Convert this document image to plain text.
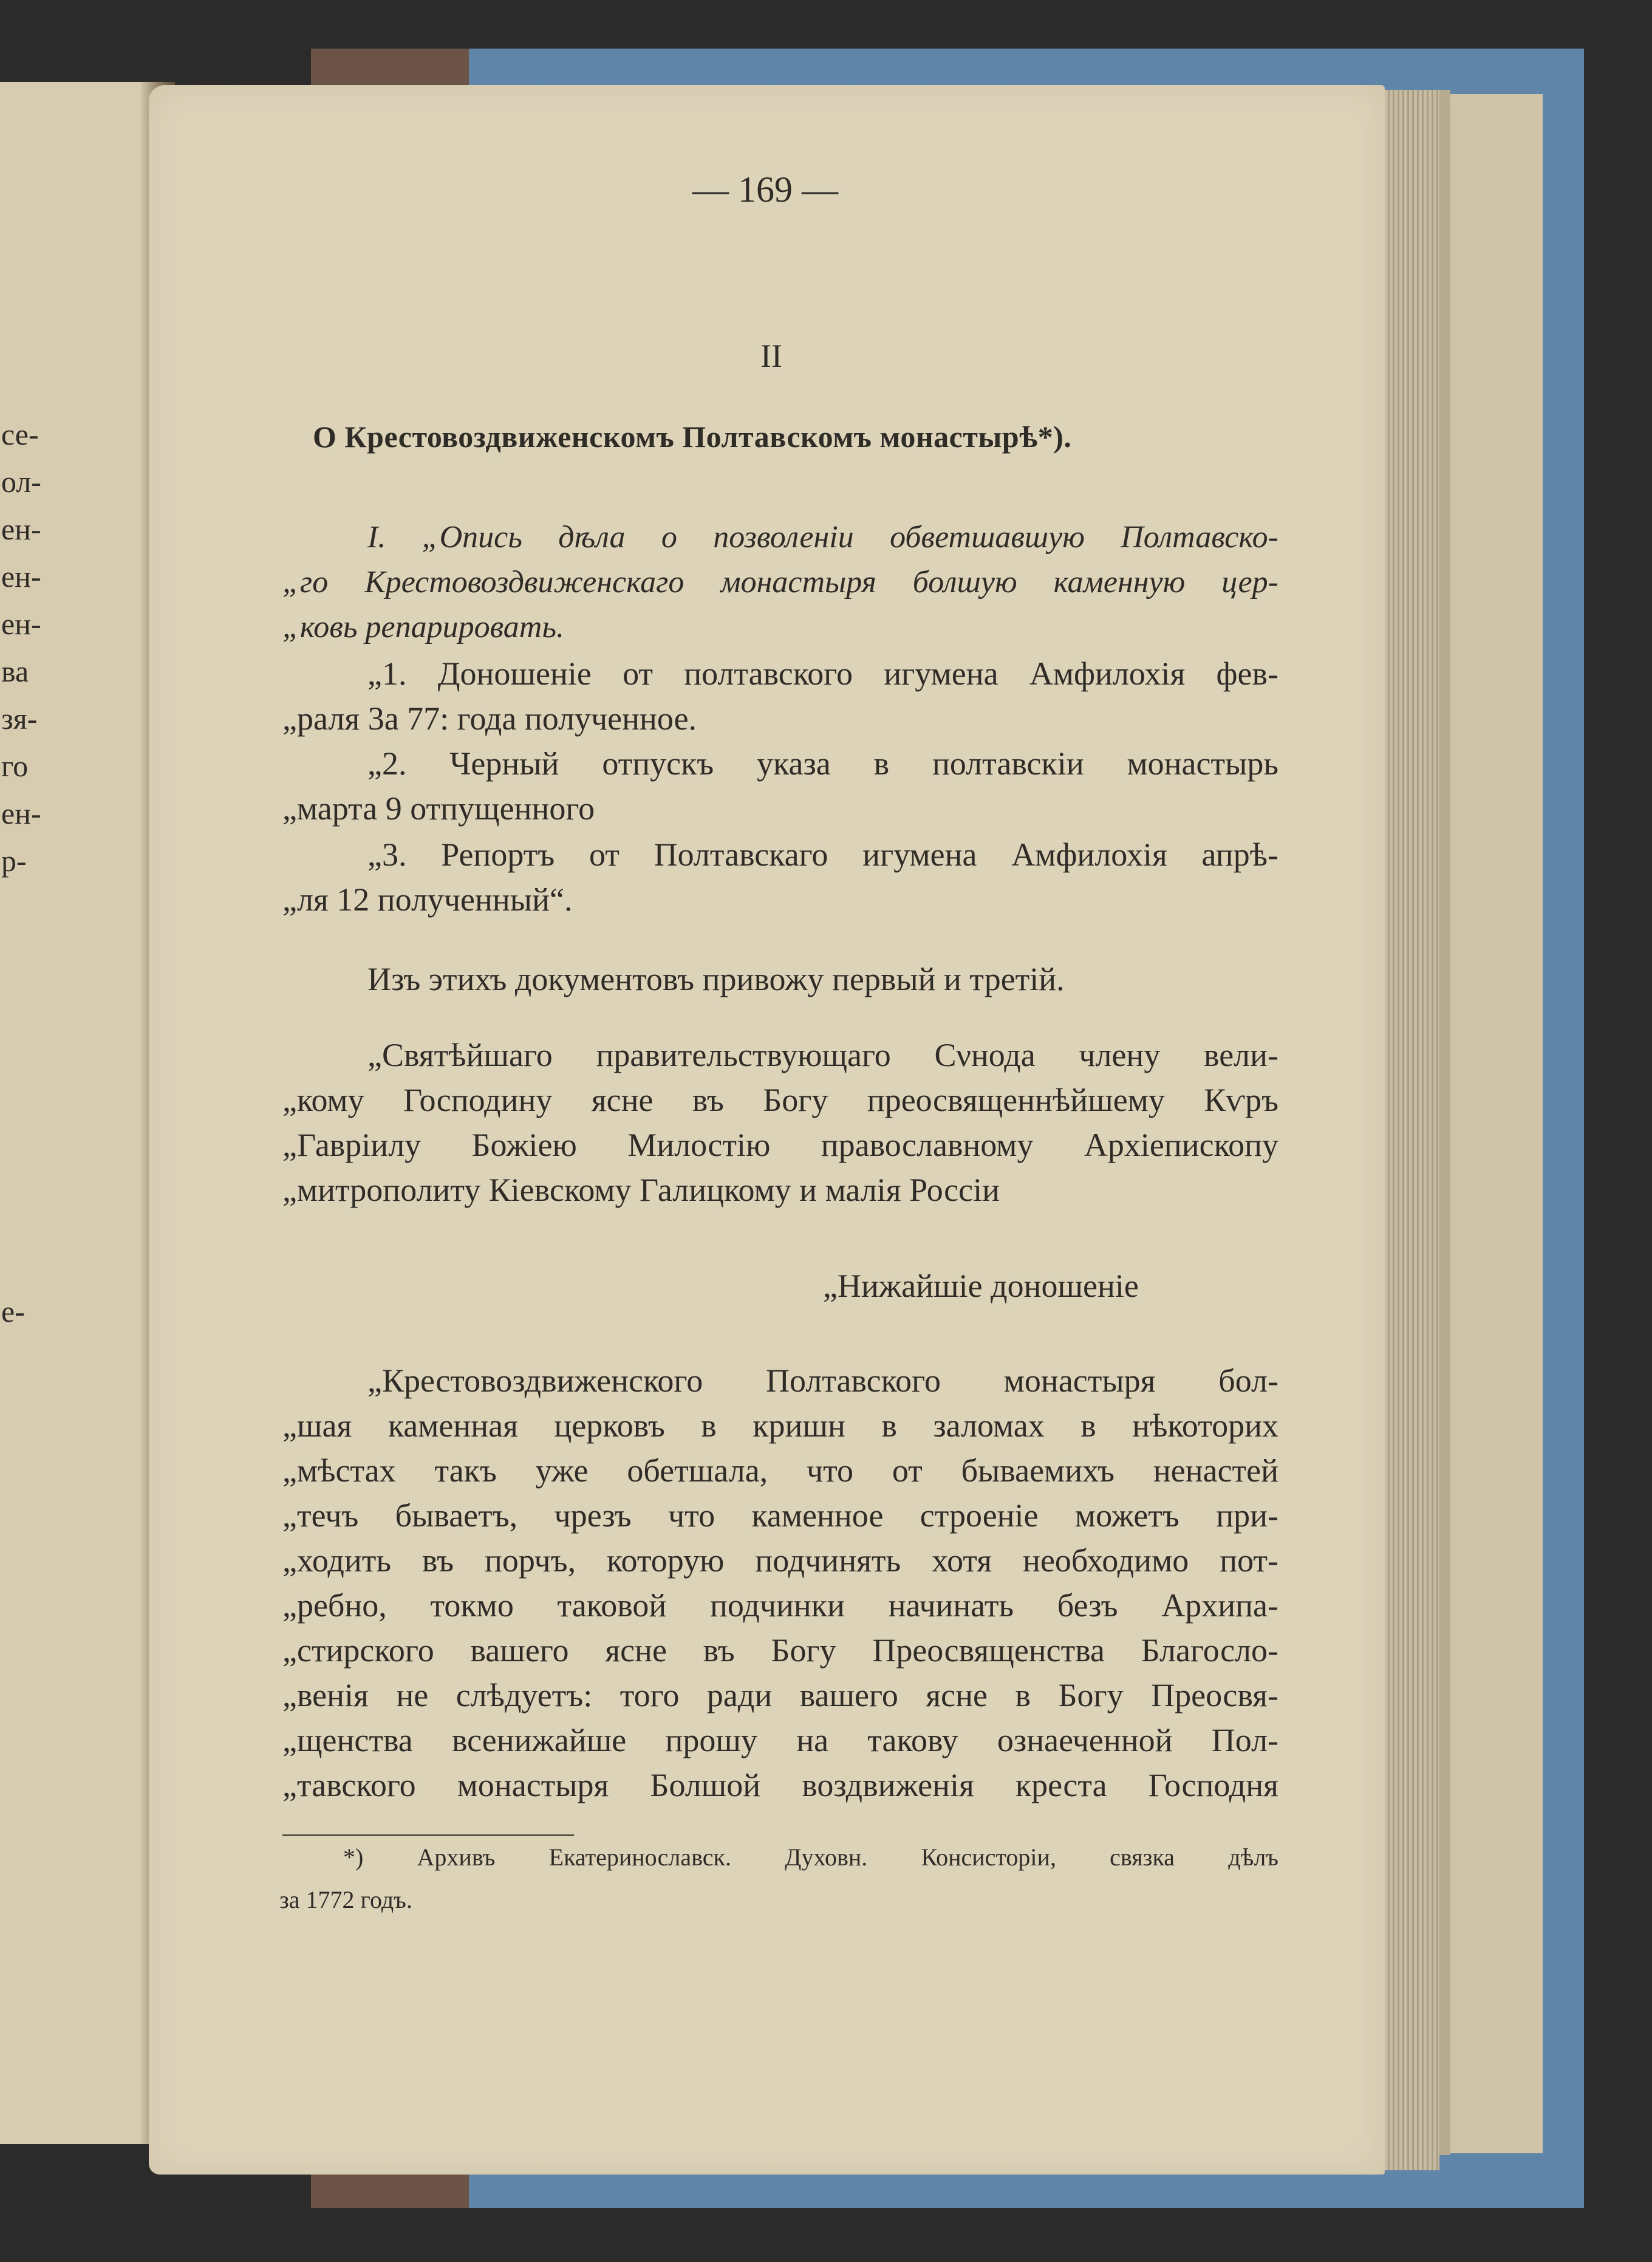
се-
ол-
ен-
ен-
ен-
ва
зя-
го
ен-
р-
е-
— 169 —
II
О Крестовоздвиженскомъ Полтавскомъ монастырѣ*).
I. „Опись дѣла о позволеніи обветшавшую Полтавско-
„го Крестовоздвиженскаго монастыря болшую каменную цер-
„ковь репарировать.
„1. Доношеніе от полтавского игумена Амфилохія фев-
„раля 3а 77: года полученное.
„2. Черный отпускъ указа в полтавскіи монастырь
„марта 9 отпущенного
„3. Репортъ от Полтавскаго игумена Амфилохія апрѣ-
„ля 12 полученный“.
Изъ этихъ документовъ привожу первый и третій.
„Святѣйшаго правительствующаго Сνнода члену вели-
„кому Господину ясне въ Богу преосвященнѣйшему Кѵръ
„Гавріилу Божіею Милостію православному Архіепископу
„митрополиту Кіевскому Галицкому и малія Россіи
„Нижайшіе доношеніе
„Крестовоздвиженского Полтавского монастыря бол-
„шая каменная церковъ в кришн в заломах в нѣкоторих
„мѣстах такъ уже обетшала, что от бываемихъ ненастей
„течъ бываетъ, чрезъ что каменное строеніе можетъ при-
„ходить въ порчъ, которую подчинять хотя необходимо пот-
„ребно, токмо таковой подчинки начинать безъ Архипа-
„стирского вашего ясне въ Богу Преосвященства Благосло-
„венія не слѣдуетъ: того ради вашего ясне в Богу Преосвя-
„щенства всенижайше прошу на такову ознаеченной Пол-
„тавского монастыря Болшой воздвиженія креста Господня
*) Архивъ Екатеринославск. Духовн. Консисторіи, связка дѣлъ
за 1772 годъ.
